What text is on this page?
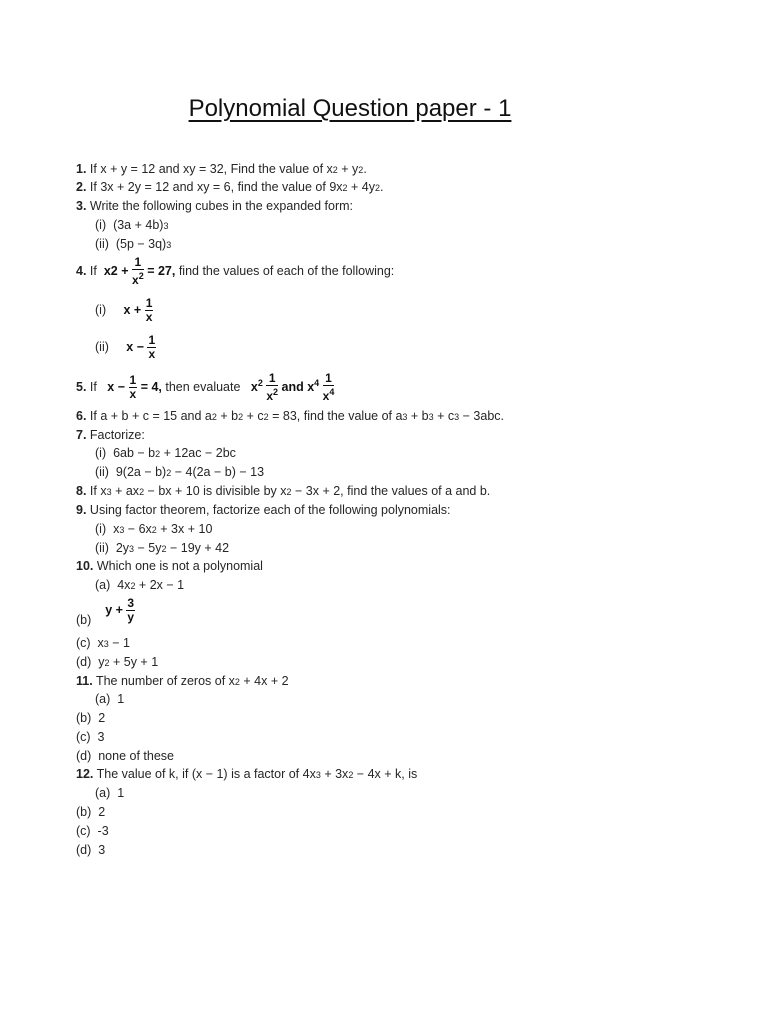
Polynomial Question paper - 1
1. If x + y = 12 and xy = 32, Find the value of x2 + y2.
2. If 3x + 2y = 12 and xy = 6, find the value of 9x2 + 4y2.
3. Write the following cubes in the expanded form:
(i) (3a + 4b)3
(ii) (5p − 3q)3
4. If $x2 + \frac{1}{x^2} = 27$, find the values of each of the following:
(i) $x + \frac{1}{x}$
(ii) $x - \frac{1}{x}$
5. If $x - \frac{1}{x} = 4$, then evaluate $x^2 \frac{1}{x^2}$ and $x^4 \frac{1}{x^4}$
6. If a + b + c = 15 and a2 + b2 + c2 = 83, find the value of a3 + b3 + c3 − 3abc.
7. Factorize:
(i) 6ab − b2 + 12ac − 2bc
(ii) 9(2a − b)2 − 4(2a − b) − 13
8. If x3 + ax2 − bx + 10 is divisible by x2 − 3x + 2, find the values of a and b.
9. Using factor theorem, factorize each of the following polynomials:
(i) x3 − 6x2 + 3x + 10
(ii) 2y3 − 5y2 − 19y + 42
10. Which one is not a polynomial
(a) 4x2 + 2x − 1
(b)    $y + \frac{3}{y}$
(c) x3 − 1
(d) y2 + 5y + 1
11. The number of zeros of x2 + 4x + 2
(a) 1
(b) 2
(c) 3
(d) none of these
12. The value of k, if (x − 1) is a factor of 4x3 + 3x2 − 4x + k, is
(a) 1
(b) 2
(c) -3
(d) 3
